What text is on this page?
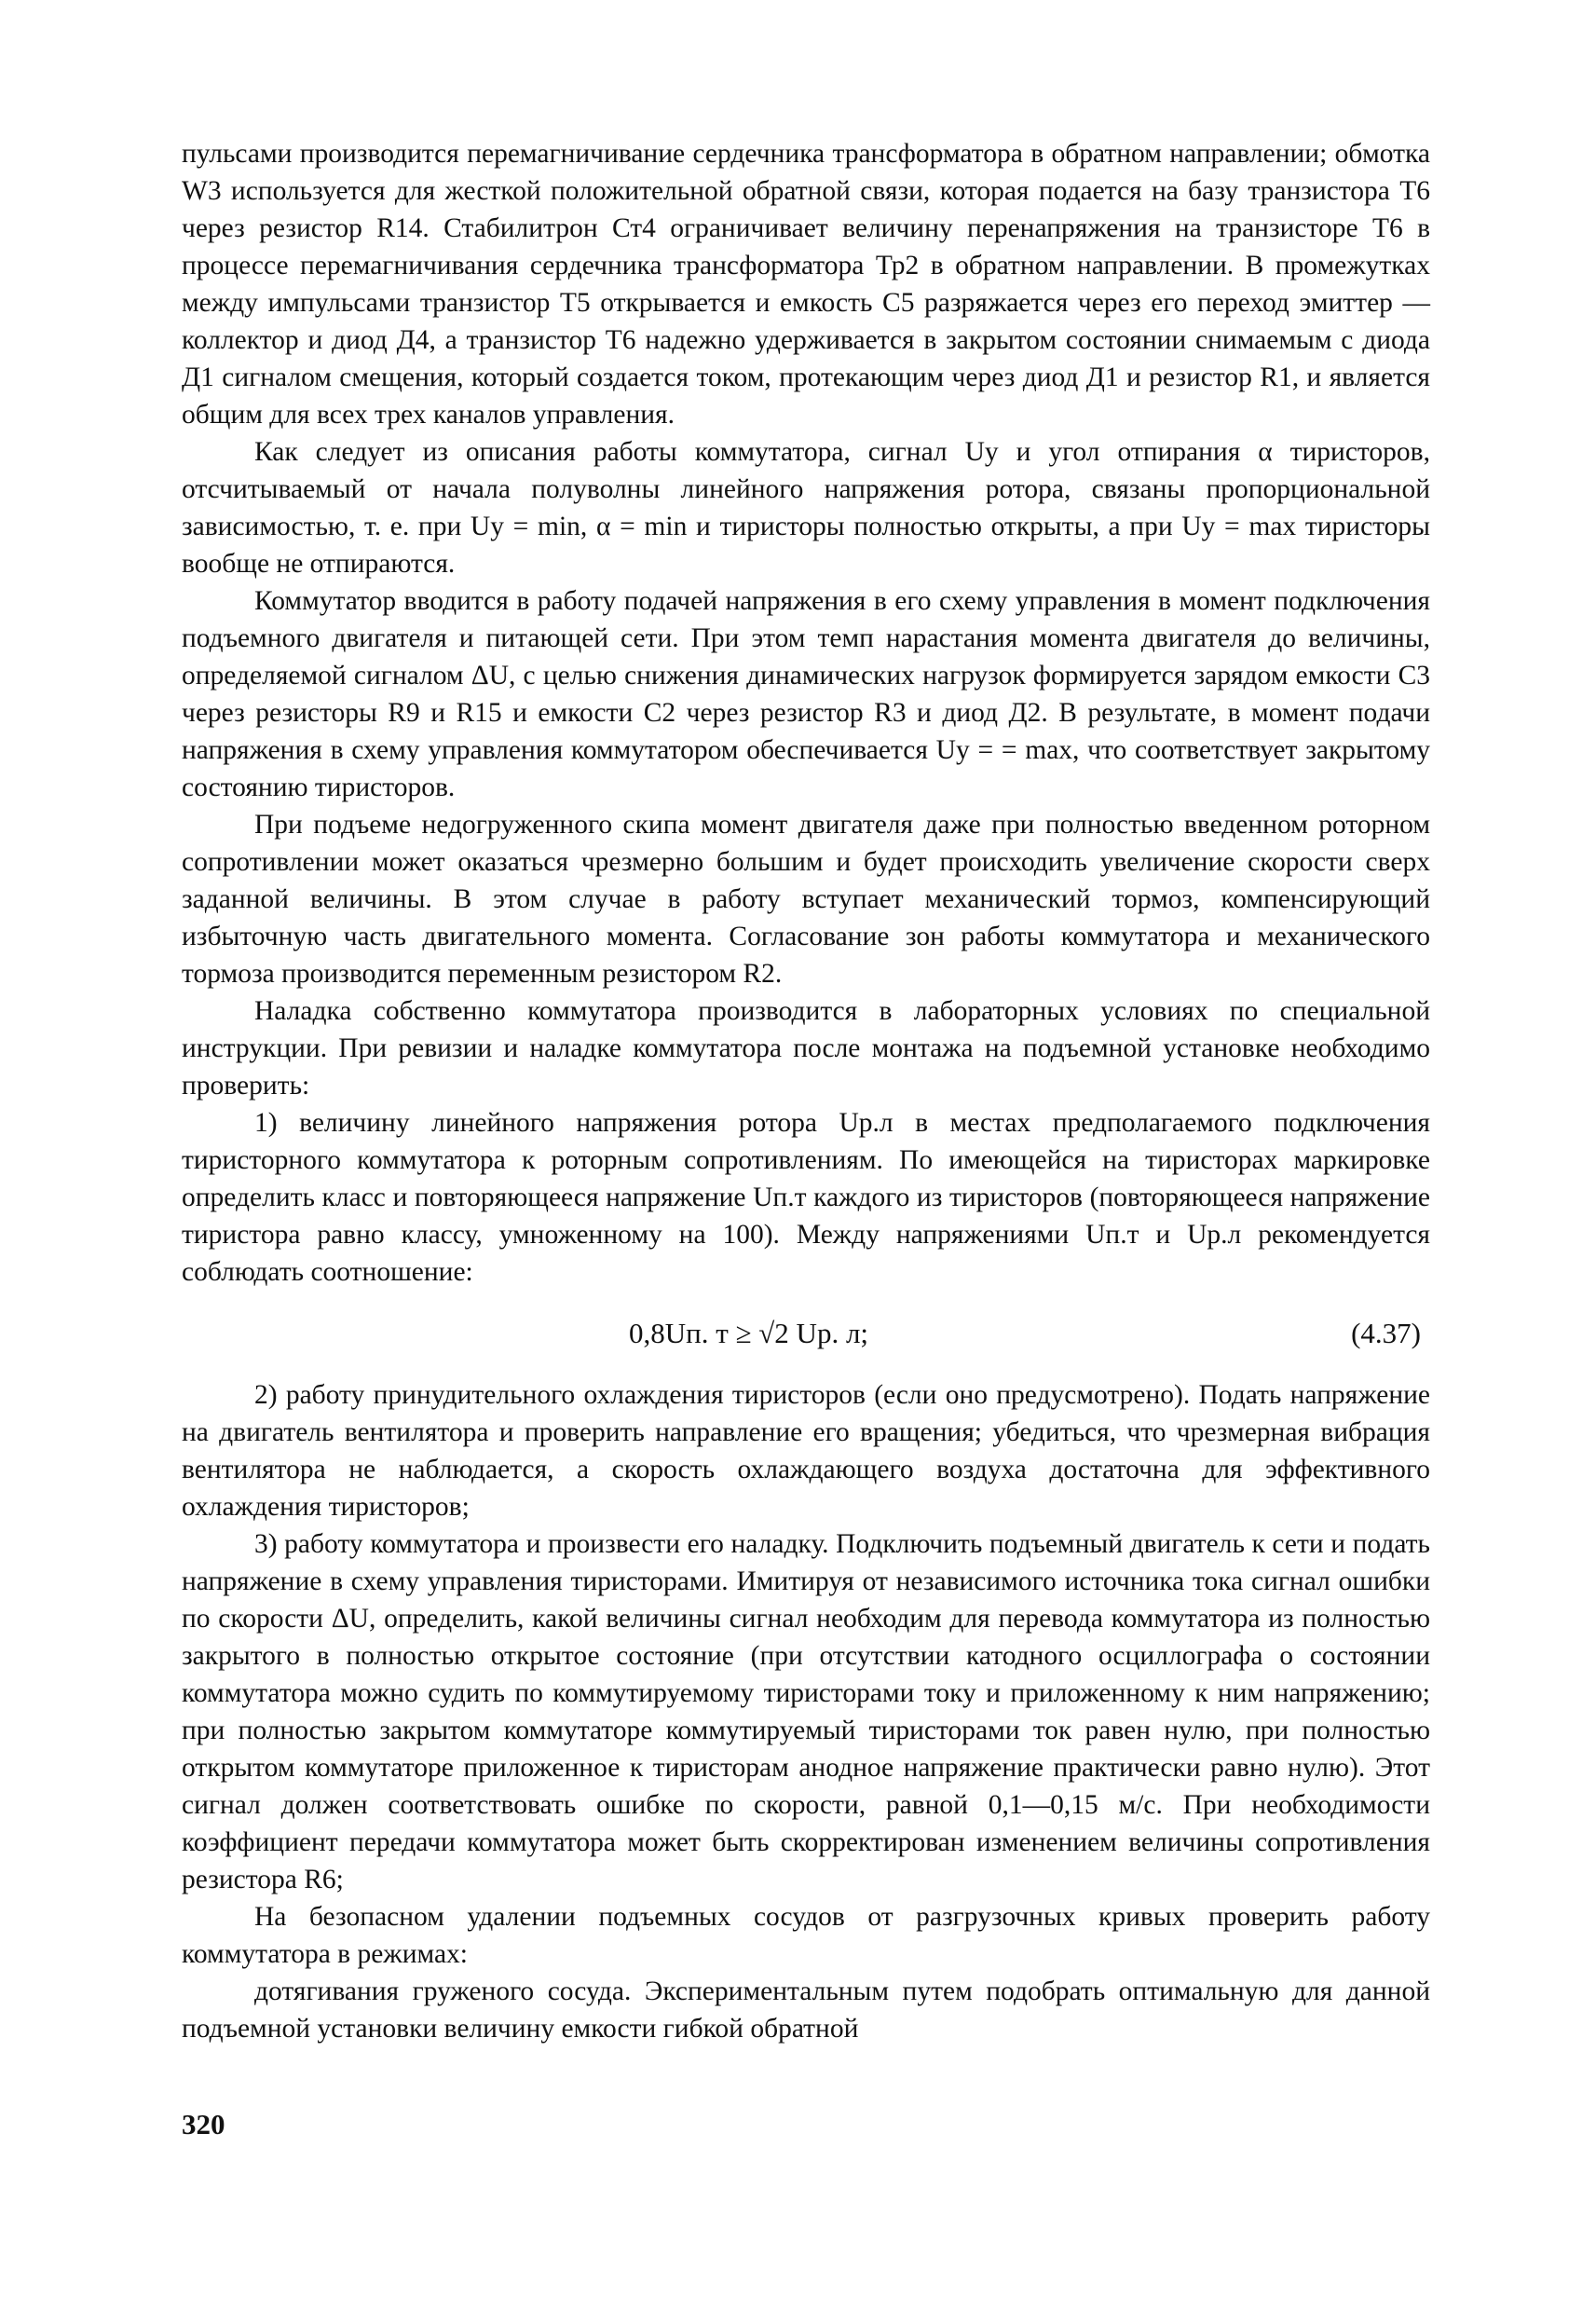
пульсами производится перемагничивание сердечника трансформатора в обратном направлении; обмотка W3 используется для жесткой положительной обратной связи, которая подается на базу транзистора Т6 через резистор R14. Стабилитрон Ст4 ограничивает величину перенапряжения на транзисторе Т6 в процессе перемагничивания сердечника трансформатора Тр2 в обратном направлении. В промежутках между импульсами транзистор Т5 открывается и емкость С5 разряжается через его переход эмиттер — коллектор и диод Д4, а транзистор Т6 надежно удерживается в закрытом состоянии снимаемым с диода Д1 сигналом смещения, который создается током, протекающим через диод Д1 и резистор R1, и является общим для всех трех каналов управления.

Как следует из описания работы коммутатора, сигнал Uу и угол отпирания α тиристоров, отсчитываемый от начала полуволны линейного напряжения ротора, связаны пропорциональной зависимостью, т. е. при Uу = min, α = min и тиристоры полностью открыты, а при Uу = max тиристоры вообще не отпираются.

Коммутатор вводится в работу подачей напряжения в его схему управления в момент подключения подъемного двигателя и питающей сети. При этом темп нарастания момента двигателя до величины, определяемой сигналом ΔU, с целью снижения динамических нагрузок формируется зарядом емкости С3 через резисторы R9 и R15 и емкости С2 через резистор R3 и диод Д2. В результате, в момент подачи напряжения в схему управления коммутатором обеспечивается Uу = = max, что соответствует закрытому состоянию тиристоров.

При подъеме недогруженного скипа момент двигателя даже при полностью введенном роторном сопротивлении может оказаться чрезмерно большим и будет происходить увеличение скорости сверх заданной величины. В этом случае в работу вступает механический тормоз, компенсирующий избыточную часть двигательного момента. Согласование зон работы коммутатора и механического тормоза производится переменным резистором R2.

Наладка собственно коммутатора производится в лабораторных условиях по специальной инструкции. При ревизии и наладке коммутатора после монтажа на подъемной установке необходимо проверить:

1) величину линейного напряжения ротора Uр.л в местах предполагаемого подключения тиристорного коммутатора к роторным сопротивлениям. По имеющейся на тиристорах маркировке определить класс и повторяющееся напряжение Uп.т каждого из тиристоров (повторяющееся напряжение тиристора равно классу, умноженному на 100). Между напряжениями Uп.т и Uр.л рекомендуется соблюдать соотношение:

0,8Uп. т ≥ √2 Uр. л;	(4.37)

2) работу принудительного охлаждения тиристоров (если оно предусмотрено). Подать напряжение на двигатель вентилятора и проверить направление его вращения; убедиться, что чрезмерная вибрация вентилятора не наблюдается, а скорость охлаждающего воздуха достаточна для эффективного охлаждения тиристоров;

3) работу коммутатора и произвести его наладку. Подключить подъемный двигатель к сети и подать напряжение в схему управления тиристорами. Имитируя от независимого источника тока сигнал ошибки по скорости ΔU, определить, какой величины сигнал необходим для перевода коммутатора из полностью закрытого в полностью открытое состояние (при отсутствии катодного осциллографа о состоянии коммутатора можно судить по коммутируемому тиристорами току и приложенному к ним напряжению; при полностью закрытом коммутаторе коммутируемый тиристорами ток равен нулю, при полностью открытом коммутаторе приложенное к тиристорам анодное напряжение практически равно нулю). Этот сигнал должен соответствовать ошибке по скорости, равной 0,1—0,15 м/с. При необходимости коэффициент передачи коммутатора может быть скорректирован изменением величины сопротивления резистора R6;

На безопасном удалении подъемных сосудов от разгрузочных кривых проверить работу коммутатора в режимах:

дотягивания груженого сосуда. Экспериментальным путем подобрать оптимальную для данной подъемной установки величину емкости гибкой обратной

320
